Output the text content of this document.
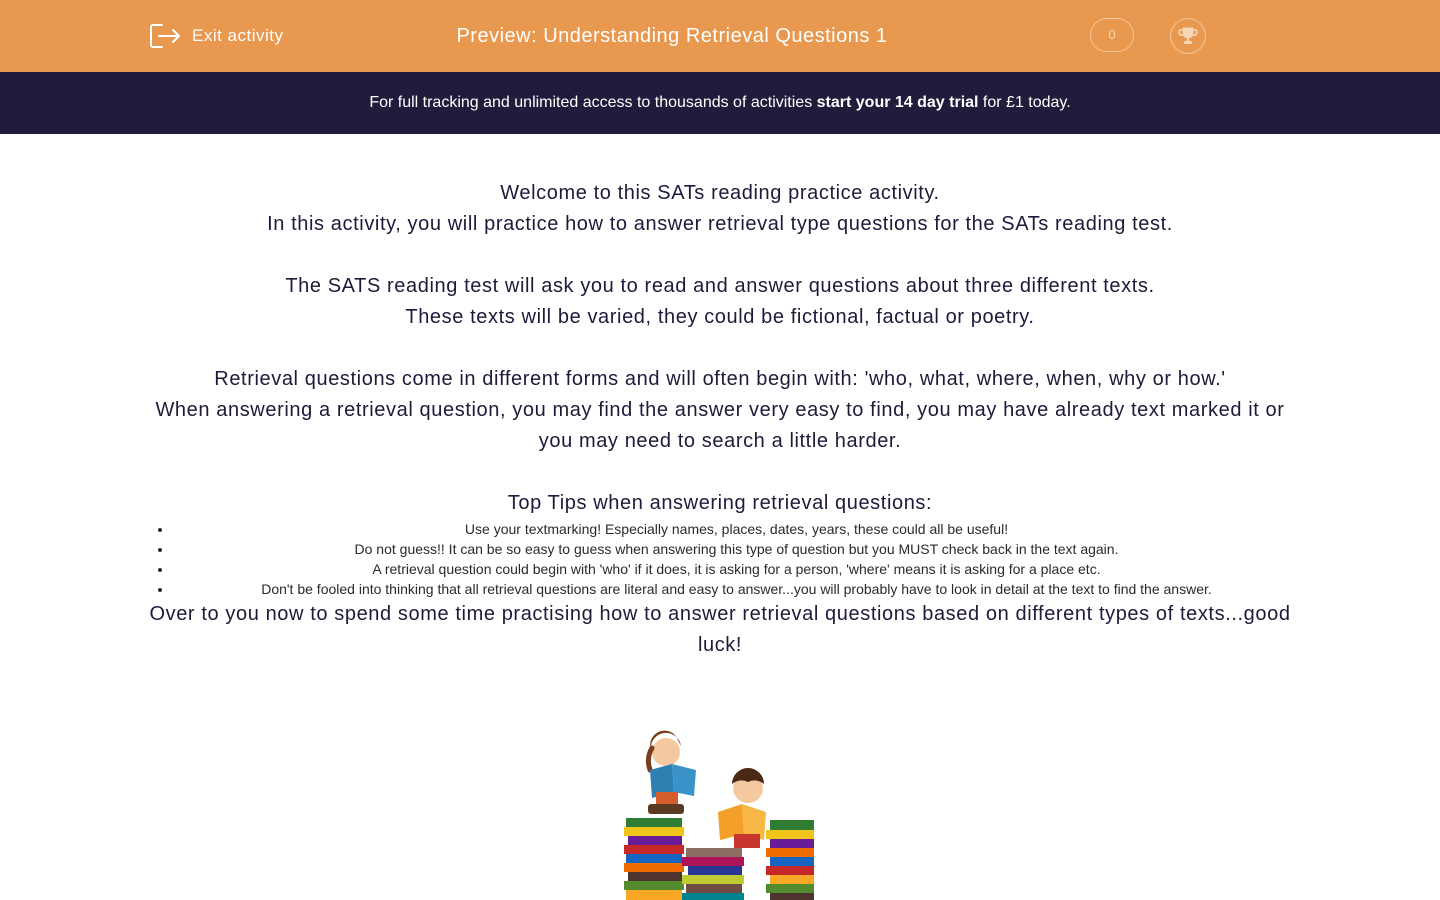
Exit activity	Preview: Understanding Retrieval Questions 1	0
For full tracking and unlimited access to thousands of activities start your 14 day trial for £1 today.

Welcome to this SATs reading practice activity.

In this activity, you will practice how to answer retrieval type questions for the SATs reading test.

The SATS reading test will ask you to read and answer questions about three different texts.

These texts will be varied, they could be fictional, factual or poetry.

Retrieval questions come in different forms and will often begin with: 'who, what, where, when, why or how.'

When answering a retrieval question, you may find the answer very easy to find, you may have already text marked it or you may need to search a little harder.

Top Tips when answering retrieval questions:

• Use your textmarking! Especially names, places, dates, years, these could all be useful!
• Do not guess!! It can be so easy to guess when answering this type of question but you MUST check back in the text again.
• A retrieval question could begin with 'who' if it does, it is asking for a person, 'where' means it is asking for a place etc.
• Don't be fooled into thinking that all retrieval questions are literal and easy to answer...you will probably have to look in detail at the text to find the answer.

Over to you now to spend some time practising how to answer retrieval questions based on different types of texts...good luck!
